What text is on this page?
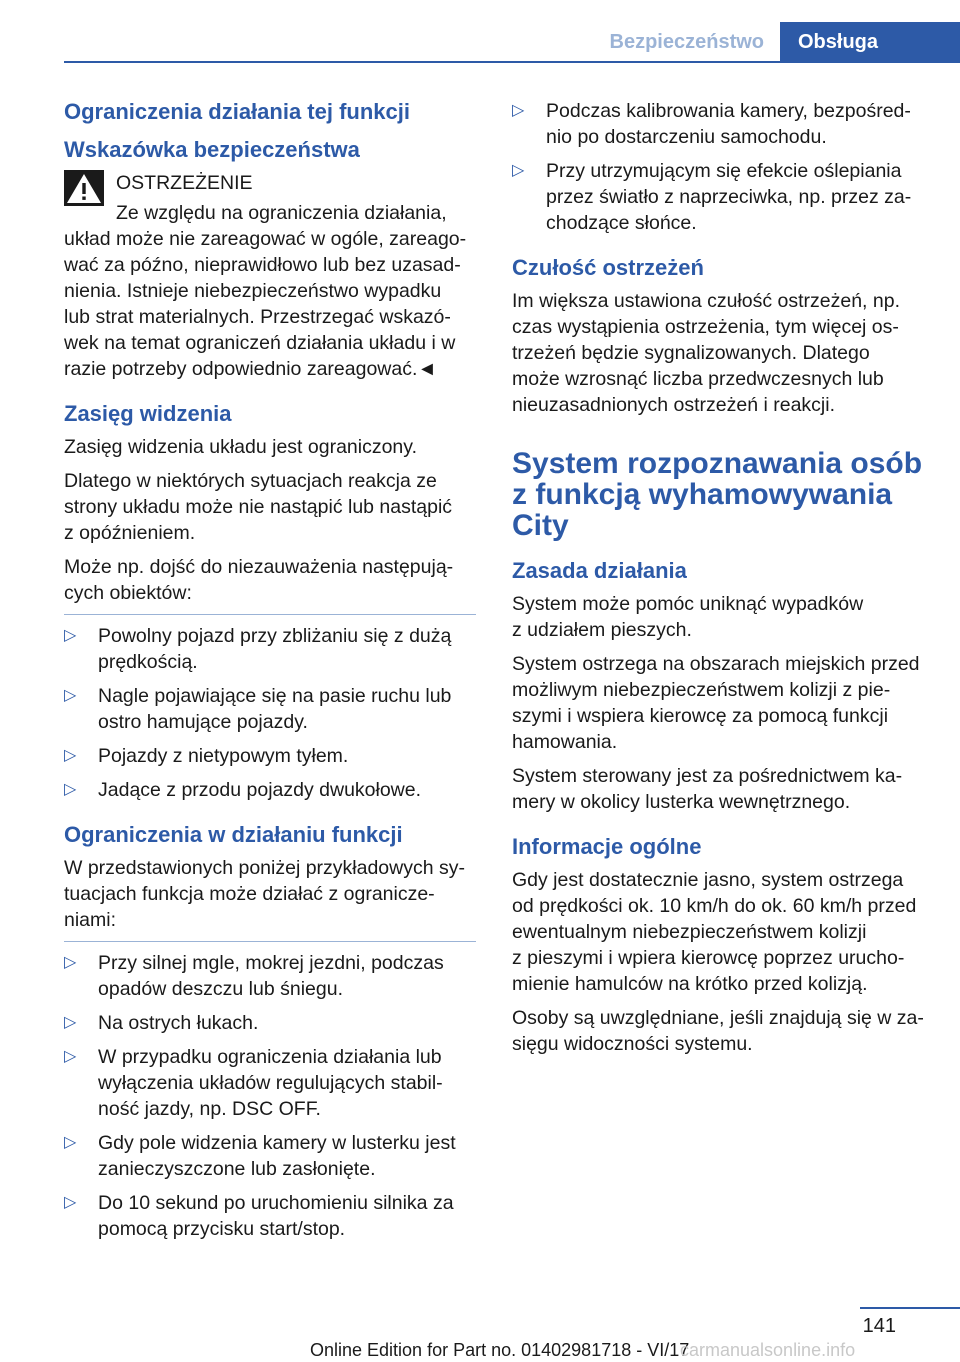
Bezpieczeństwo	Obsługa
Ograniczenia działania tej funkcji
Wskazówka bezpieczeństwa
OSTRZEŻENIE

Ze względu na ograniczenia działania,
układ może nie zareagować w ogóle, zareago-
wać za późno, nieprawidłowo lub bez uzasad-
nienia. Istnieje niebezpieczeństwo wypadku
lub strat materialnych. Przestrzegać wskazó-
wek na temat ograniczeń działania układu i w
razie potrzeby odpowiednio zareagować.◄

Zasięg widzenia

Zasięg widzenia układu jest ograniczony.

Dlatego w niektórych sytuacjach reakcja ze
strony układu może nie nastąpić lub nastąpić
z opóźnieniem.

Może np. dojść do niezauważenia następują-
cych obiektów:

▷ Powolny pojazd przy zbliżaniu się z dużą
prędkością.
▷ Nagle pojawiające się na pasie ruchu lub
ostro hamujące pojazdy.
▷ Pojazdy z nietypowym tyłem.
▷ Jadące z przodu pojazdy dwukołowe.
Ograniczenia w działaniu funkcji

W przedstawionych poniżej przykładowych sy-
tuacjach funkcja może działać z ogranicze-
niami:

▷ Przy silnej mgle, mokrej jezdni, podczas
opadów deszczu lub śniegu.
▷ Na ostrych łukach.
▷ W przypadku ograniczenia działania lub
wyłączenia układów regulujących stabil-
ność jazdy, np. DSC OFF.
▷ Gdy pole widzenia kamery w lusterku jest
zanieczyszczone lub zasłonięte.
▷ Do 10 sekund po uruchomieniu silnika za
pomocą przycisku start/stop.
▷ Podczas kalibrowania kamery, bezpośred-
nio po dostarczeniu samochodu.
▷ Przy utrzymującym się efekcie oślepiania
przez światło z naprzeciwka, np. przez za-
chodzące słońce.
Czułość ostrzeżeń

Im większa ustawiona czułość ostrzeżeń, np.
czas wystąpienia ostrzeżenia, tym więcej os-
trzeżeń będzie sygnalizowanych. Dlatego
może wzrosnąć liczba przedwczesnych lub
nieuzasadnionych ostrzeżeń i reakcji.

System rozpoznawania osób
z funkcją wyhamowywania
City
Zasada działania

System może pomóc uniknąć wypadków
z udziałem pieszych.

System ostrzega na obszarach miejskich przed
możliwym niebezpieczeństwem kolizji z pie-
szymi i wspiera kierowcę za pomocą funkcji
hamowania.

System sterowany jest za pośrednictwem ka-
mery w okolicy lusterka wewnętrznego.

Informacje ogólne

Gdy jest dostatecznie jasno, system ostrzega
od prędkości ok. 10 km/h do ok. 60 km/h przed
ewentualnym niebezpieczeństwem kolizji
z pieszymi i wpiera kierowcę poprzez urucho-
mienie hamulców na krótko przed kolizją.

Osoby są uwzględniane, jeśli znajdują się w za-
sięgu widoczności systemu.

141
Online Edition for Part no. 01402981718 - VI/17
carmanualsonline.info
